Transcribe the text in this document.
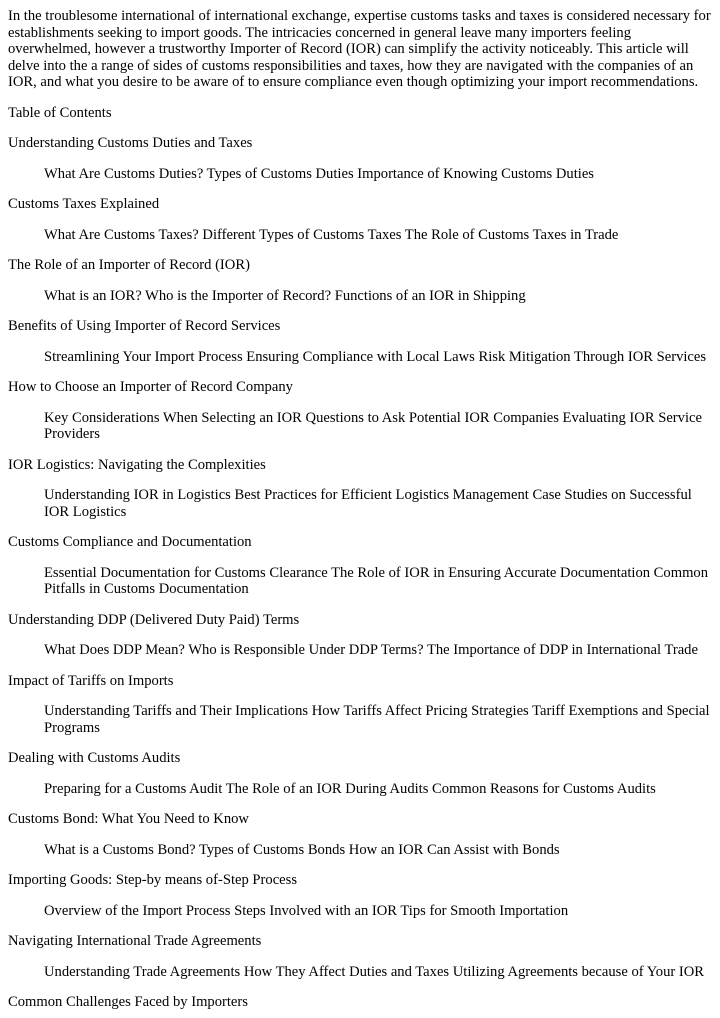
In the troublesome international of international exchange, expertise customs tasks and taxes is considered necessary for establishments seeking to import goods. The intricacies concerned in general leave many importers feeling overwhelmed, however a trustworthy Importer of Record (IOR) can simplify the activity noticeably. This article will delve into the a range of sides of customs responsibilities and taxes, how they are navigated with the companies of an IOR, and what you desire to be aware of to ensure compliance even though optimizing your import recommendations.

Table of Contents
Understanding Customs Duties and Taxes
What Are Customs Duties? Types of Customs Duties Importance of Knowing Customs Duties
Customs Taxes Explained
What Are Customs Taxes? Different Types of Customs Taxes The Role of Customs Taxes in Trade
The Role of an Importer of Record (IOR)
What is an IOR? Who is the Importer of Record? Functions of an IOR in Shipping
Benefits of Using Importer of Record Services
Streamlining Your Import Process Ensuring Compliance with Local Laws Risk Mitigation Through IOR Services
How to Choose an Importer of Record Company
Key Considerations When Selecting an IOR Questions to Ask Potential IOR Companies Evaluating IOR Service Providers
IOR Logistics: Navigating the Complexities
Understanding IOR in Logistics Best Practices for Efficient Logistics Management Case Studies on Successful IOR Logistics
Customs Compliance and Documentation
Essential Documentation for Customs Clearance The Role of IOR in Ensuring Accurate Documentation Common Pitfalls in Customs Documentation
Understanding DDP (Delivered Duty Paid) Terms
What Does DDP Mean? Who is Responsible Under DDP Terms? The Importance of DDP in International Trade
Impact of Tariffs on Imports
Understanding Tariffs and Their Implications How Tariffs Affect Pricing Strategies Tariff Exemptions and Special Programs
Dealing with Customs Audits
Preparing for a Customs Audit The Role of an IOR During Audits Common Reasons for Customs Audits
Customs Bond: What You Need to Know
What is a Customs Bond? Types of Customs Bonds How an IOR Can Assist with Bonds
Importing Goods: Step-by means of-Step Process
Overview of the Import Process Steps Involved with an IOR Tips for Smooth Importation
Navigating International Trade Agreements
Understanding Trade Agreements How They Affect Duties and Taxes Utilizing Agreements because of Your IOR
Common Challenges Faced by Importers
